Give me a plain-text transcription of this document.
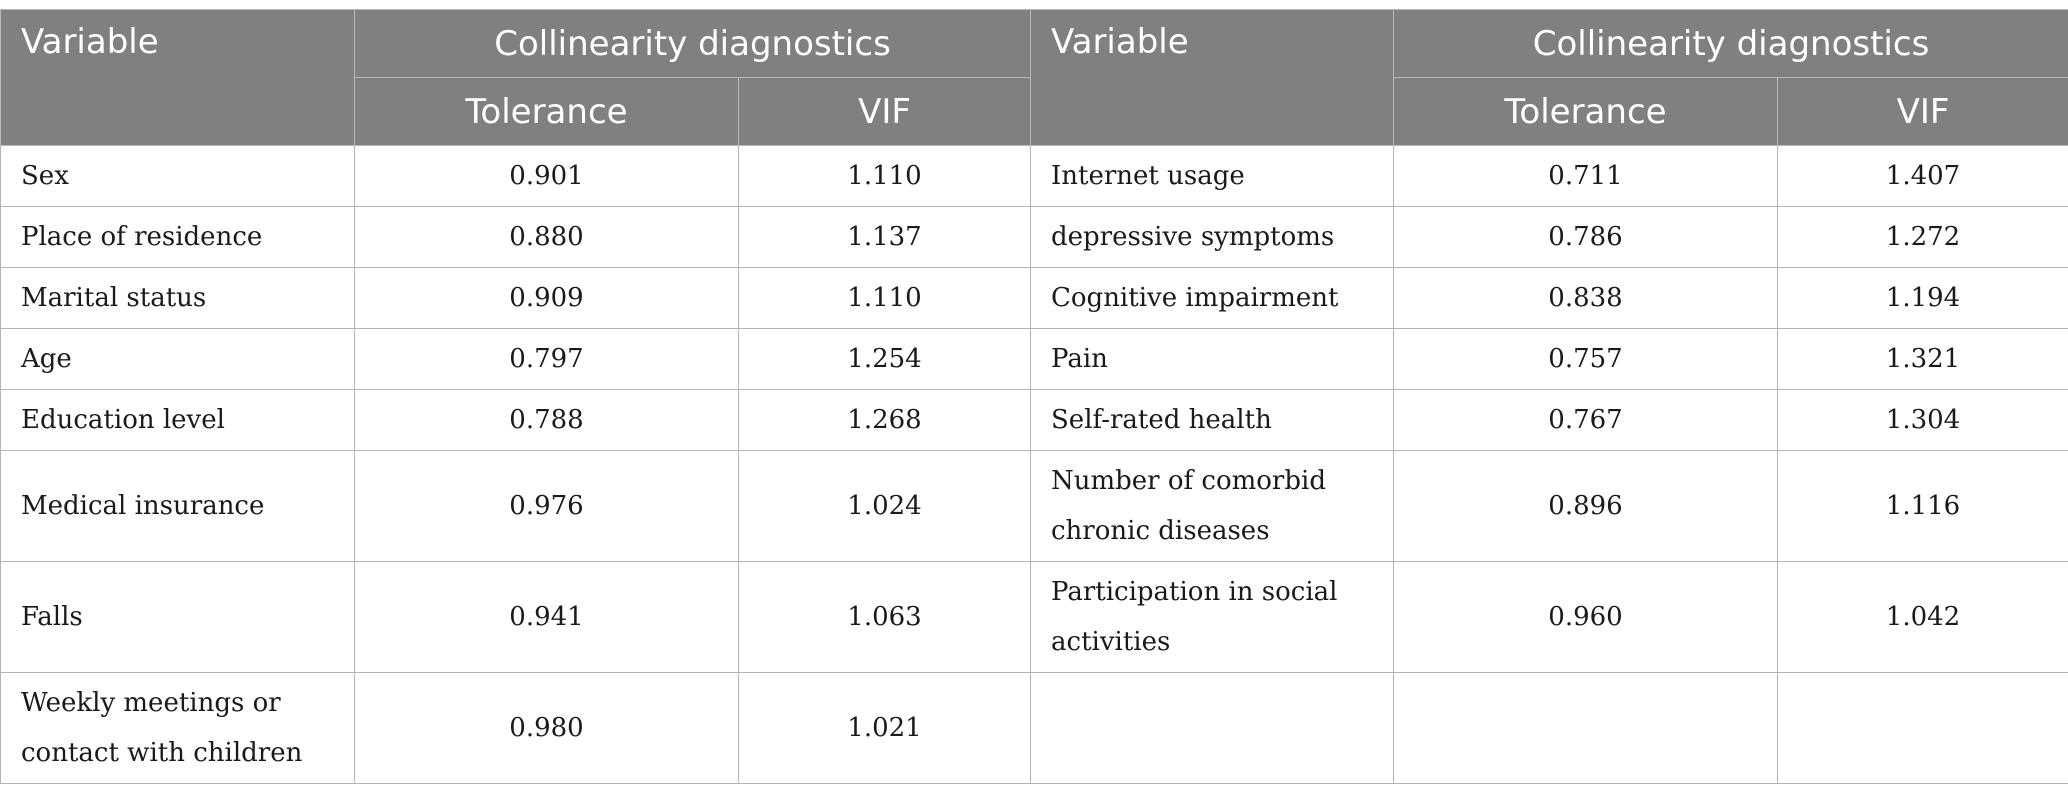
Variable	Collinearity diagnostics		Variable	Collinearity diagnostics	
	Tolerance	VIF		Tolerance	VIF
Sex	0.901	1.110	Internet usage	0.711	1.407
Place of residence	0.880	1.137	depressive symptoms	0.786	1.272
Marital status	0.909	1.110	Cognitive impairment	0.838	1.194
Age	0.797	1.254	Pain	0.757	1.321
Education level	0.788	1.268	Self-rated health	0.767	1.304
Medical insurance	0.976	1.024	Number of comorbid chronic diseases	0.896	1.116
Falls	0.941	1.063	Participation in social activities	0.960	1.042
Weekly meetings or contact with children	0.980	1.021			
